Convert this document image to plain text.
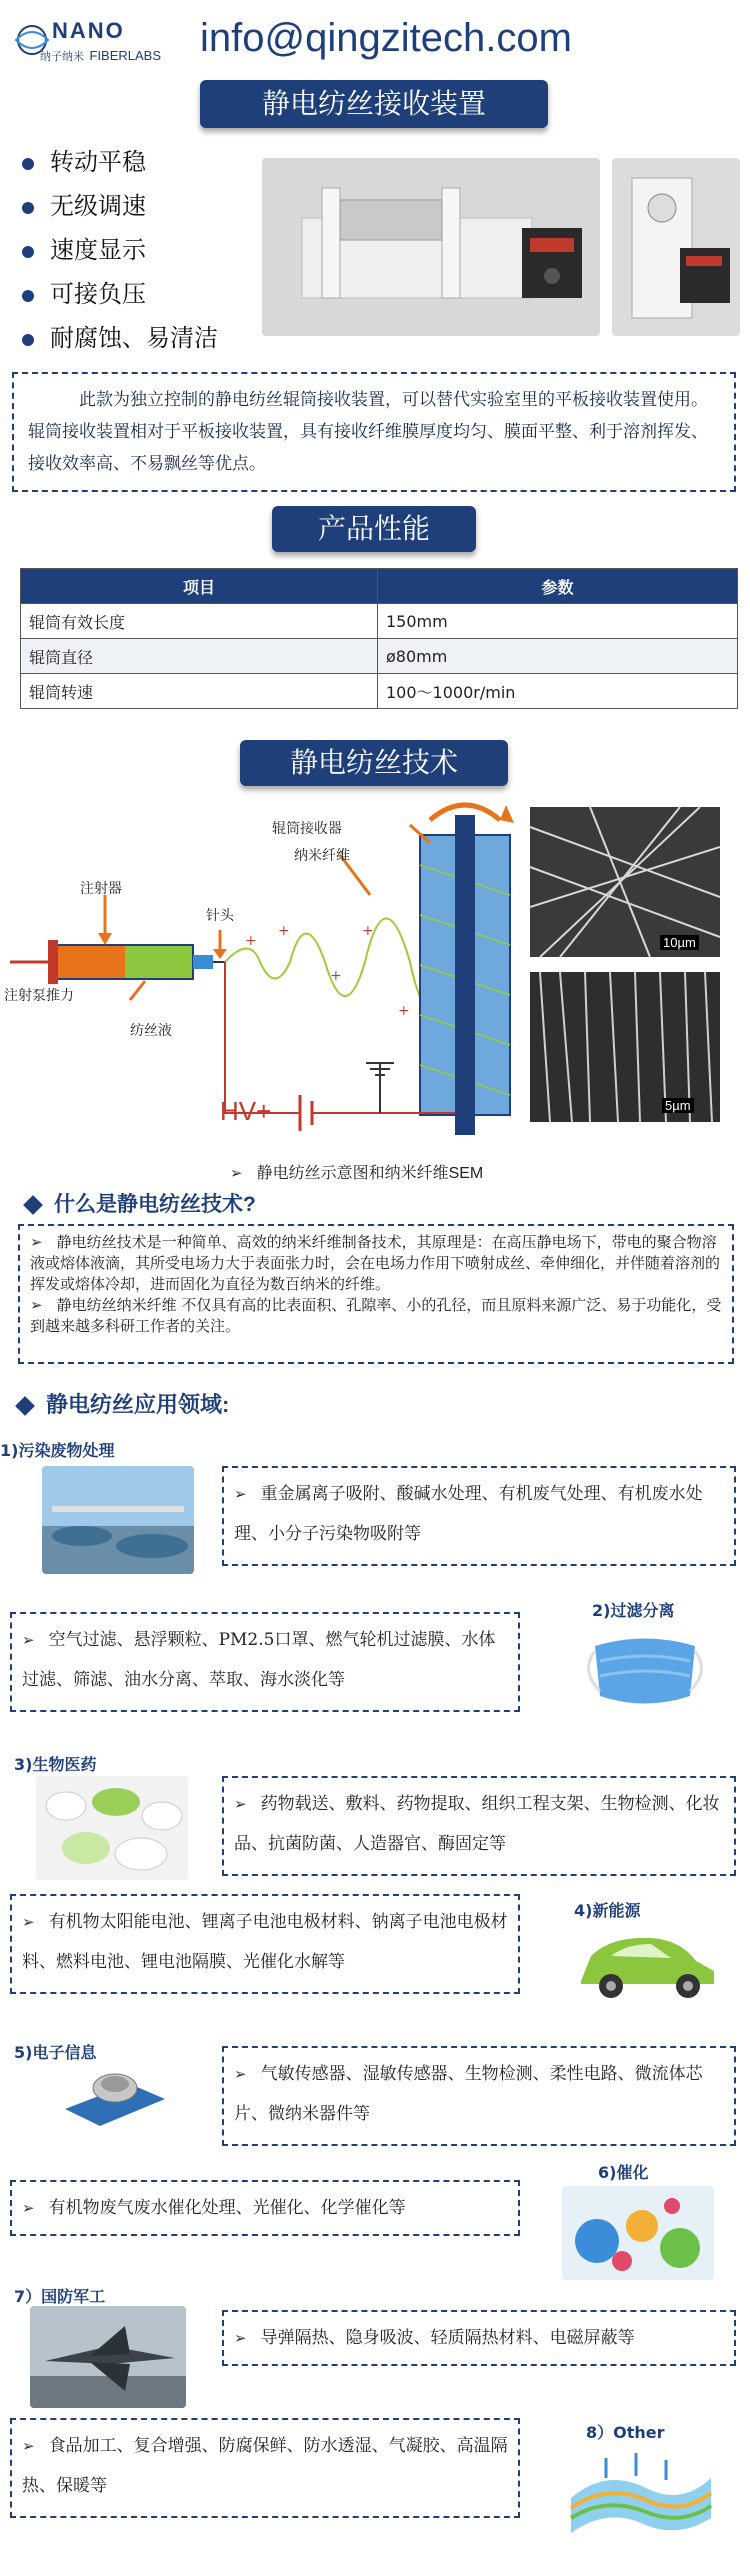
NANO
纳子纳米 FIBERLABS info@qingzitech.com
静电纺丝接收装置
转动平稳
无级调速
速度显示
可接负压
耐腐蚀、易清洁
此款为独立控制的静电纺丝辊筒接收装置，可以替代实验室里的平板接收装置使用。辊筒接收装置相对于平板接收装置，具有接收纤维膜厚度均匀、膜面平整、利于溶剂挥发、接收效率高、不易飘丝等优点。
产品性能
项目	参数
辊筒有效长度	150mm
辊筒直径	ø80mm
辊筒转速	100～1000r/min
静电纺丝技术
+
+
+
+
+
辊筒接收器
纳米纤维
注射器
针头
注射泵推力
纺丝液
HV+
10µm
5µm
➢ 静电纺丝示意图和纳米纤维SEM
什么是静电纺丝技术?
➢ 静电纺丝技术是一种简单、高效的纳米纤维制备技术，其原理是：在高压静电场下，带电的聚合物溶液或熔体液滴，其所受电场力大于表面张力时，会在电场力作用下喷射成丝、牵伸细化，并伴随着溶剂的挥发或熔体冷却，进而固化为直径为数百纳米的纤维。
➢ 静电纺丝纳米纤维 不仅具有高的比表面积、孔隙率、小的孔径，而且原料来源广泛、易于功能化，受到越来越多科研工作者的关注。
静电纺丝应用领域:
1)污染废物处理
➢ 重金属离子吸附、酸碱水处理、有机废气处理、有机废水处理、小分子污染物吸附等
➢ 空气过滤、悬浮颗粒、PM2.5口罩、燃气轮机过滤膜、水体过滤、筛滤、油水分离、萃取、海水淡化等
2)过滤分离
3)生物医药
➢ 药物载送、敷料、药物提取、组织工程支架、生物检测、化妆品、抗菌防菌、人造器官、酶固定等
➢ 有机物太阳能电池、锂离子电池电极材料、钠离子电池电极材料、燃料电池、锂电池隔膜、光催化水解等
4)新能源
5)电子信息
➢ 气敏传感器、湿敏传感器、生物检测、柔性电路、微流体芯片、微纳米器件等
➢ 有机物废气废水催化处理、光催化、化学催化等
6)催化
7）国防军工
➢ 导弹隔热、隐身吸波、轻质隔热材料、电磁屏蔽等
➢ 食品加工、复合增强、防腐保鲜、防水透湿、气凝胶、高温隔热、保暖等
8）Other
